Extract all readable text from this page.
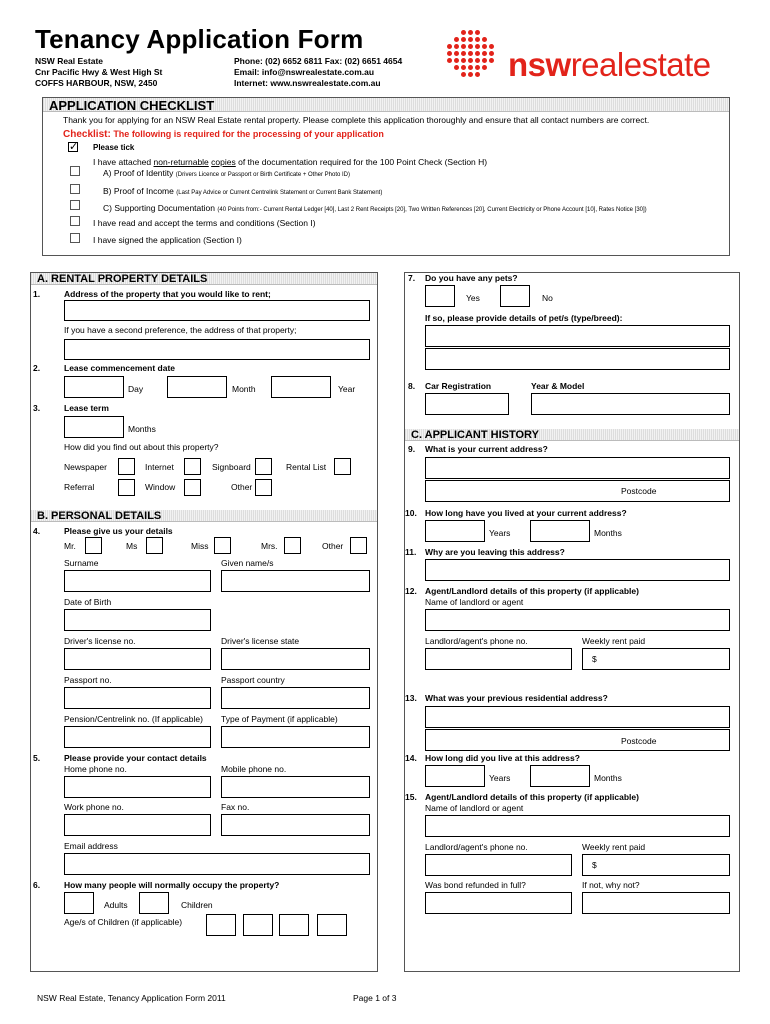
Tenancy Application Form
NSW Real Estate
Cnr Pacific Hwy & West High St
COFFS HARBOUR, NSW, 2450
Phone: (02) 6652 6811 Fax: (02) 6651 4654
Email: info@nswrealestate.com.au
Internet: www.nswrealestate.com.au	nswrealestate
APPLICATION CHECKLIST
Thank you for applying for an NSW Real Estate rental property. Please complete this application thoroughly and ensure that all contact numbers are correct.
Checklist: The following is required for the processing of your application
✓ Please tick
I have attached non-returnable copies of the documentation required for the 100 Point Check (Section H)
A) Proof of Identity (Drivers Licence or Passport or Birth Certificate + Other Photo ID)
B) Proof of Income (Last Pay Advice or Current Centrelink Statement or Current Bank Statement)
C) Supporting Documentation (40 Points from:- Current Rental Ledger [40], Last 2 Rent Receipts [20], Two Written References [20], Current Electricity or Phone Account [10], Rates Notice [30])
I have read and accept the terms and conditions (Section I)
I have signed the application (Section I)
A. RENTAL PROPERTY DETAILS
1.	Address of the property that you would like to rent;
If you have a second preference, the address of that property;
2.	Lease commencement date
Day	Month	Year
3.	Lease term
Months
How did you find out about this property?
Newspaper	Internet	Signboard	Rental List
Referral	Window	Other
B. PERSONAL DETAILS
4.	Please give us your details
Mr.	Ms	Miss	Mrs.	Other
Surname	Given name/s
Date of Birth
Driver's license no.	Driver's license state
Passport no.	Passport country
Pension/Centrelink no. (If applicable) Type of Payment (if applicable)
5.	Please provide your contact details
Home phone no.	Mobile phone no.
Work phone no.	Fax no.
Email address
6.	How many people will normally occupy the property?
Adults	Children
Age/s of Children (if applicable)
7. Do you have any pets?
Yes	No
If so, please provide details of pet/s (type/breed):
8. Car Registration	Year & Model
C. APPLICANT HISTORY
9. What is your current address?
Postcode
10. How long have you lived at your current address?
Years	Months
11. Why are you leaving this address?
12. Agent/Landlord details of this property (if applicable)
Name of landlord or agent
Landlord/agent's phone no.	Weekly rent paid
$
13. What was your previous residential address?
Postcode
14. How long did you live at this address?
Years	Months
15. Agent/Landlord details of this property (if applicable)
Name of landlord or agent
Landlord/agent's phone no.	Weekly rent paid
$
Was bond refunded in full?	If not, why not?
NSW Real Estate, Tenancy Application Form 2011	Page 1 of 3
